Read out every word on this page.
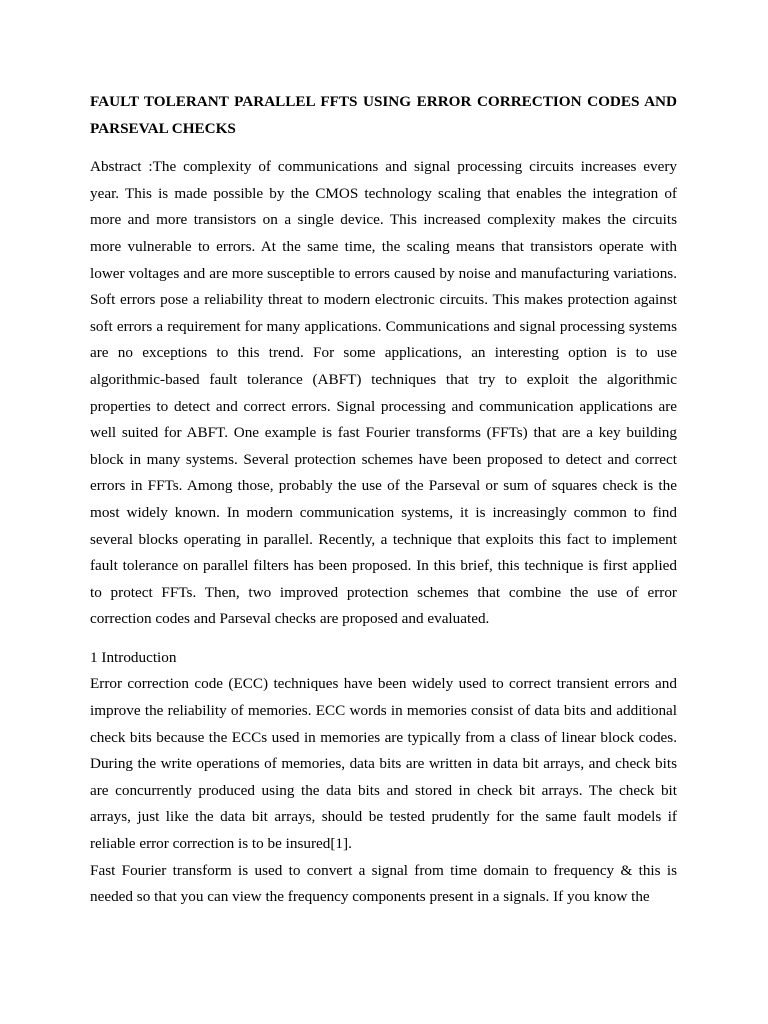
FAULT TOLERANT PARALLEL FFTS USING ERROR CORRECTION CODES AND PARSEVAL CHECKS

Abstract :The complexity of communications and signal processing circuits increases every year. This is made possible by the CMOS technology scaling that enables the integration of more and more transistors on a single device. This increased complexity makes the circuits more vulnerable to errors. At the same time, the scaling means that transistors operate with lower voltages and are more susceptible to errors caused by noise and manufacturing variations. Soft errors pose a reliability threat to modern electronic circuits. This makes protection against soft errors a requirement for many applications. Communications and signal processing systems are no exceptions to this trend. For some applications, an interesting option is to use algorithmic-based fault tolerance (ABFT) techniques that try to exploit the algorithmic properties to detect and correct errors. Signal processing and communication applications are well suited for ABFT. One example is fast Fourier transforms (FFTs) that are a key building block in many systems. Several protection schemes have been proposed to detect and correct errors in FFTs. Among those, probably the use of the Parseval or sum of squares check is the most widely known. In modern communication systems, it is increasingly common to find several blocks operating in parallel. Recently, a technique that exploits this fact to implement fault tolerance on parallel filters has been proposed. In this brief, this technique is first applied to protect FFTs. Then, two improved protection schemes that combine the use of error correction codes and Parseval checks are proposed and evaluated.

1 Introduction

Error correction code (ECC) techniques have been widely used to correct transient errors and improve the reliability of memories. ECC words in memories consist of data bits and additional check bits because the ECCs used in memories are typically from a class of linear block codes. During the write operations of memories, data bits are written in data bit arrays, and check bits are concurrently produced using the data bits and stored in check bit arrays. The check bit arrays, just like the data bit arrays, should be tested prudently for the same fault models if reliable error correction is to be insured[1].

Fast Fourier transform is used to convert a signal from time domain to frequency & this is needed so that you can view the frequency components present in a signals. If you know the
